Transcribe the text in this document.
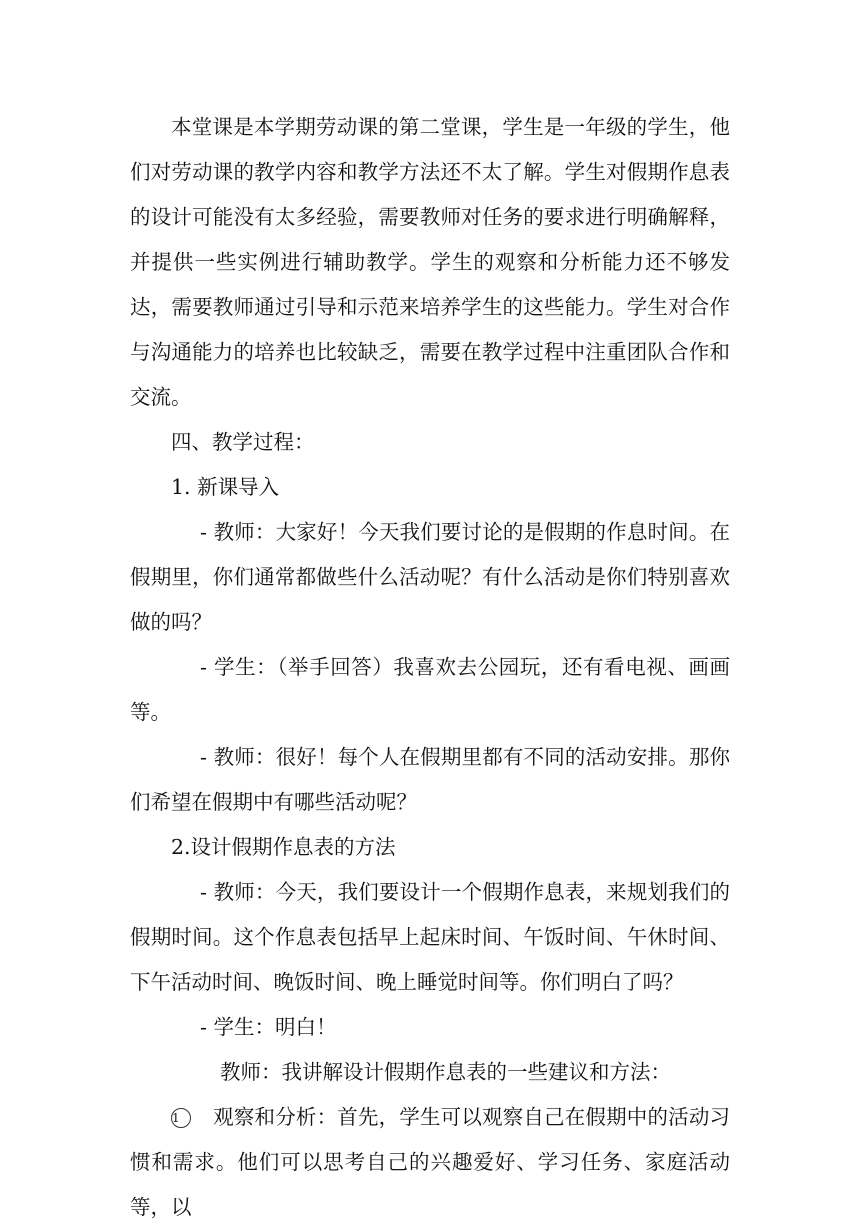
本堂课是本学期劳动课的第二堂课，学生是一年级的学生，他们对劳动课的教学内容和教学方法还不太了解。学生对假期作息表的设计可能没有太多经验，需要教师对任务的要求进行明确解释，并提供一些实例进行辅助教学。学生的观察和分析能力还不够发达，需要教师通过引导和示范来培养学生的这些能力。学生对合作与沟通能力的培养也比较缺乏，需要在教学过程中注重团队合作和交流。

四、教学过程：

1. 新课导入

- 教师：大家好！今天我们要讨论的是假期的作息时间。在假期里，你们通常都做些什么活动呢？有什么活动是你们特别喜欢做的吗？

- 学生：（举手回答）我喜欢去公园玩，还有看电视、画画等。

- 教师：很好！每个人在假期里都有不同的活动安排。那你们希望在假期中有哪些活动呢？

2.设计假期作息表的方法

- 教师：今天，我们要设计一个假期作息表，来规划我们的假期时间。这个作息表包括早上起床时间、午饭时间、午休时间、下午活动时间、晚饭时间、晚上睡觉时间等。你们明白了吗？

- 学生：明白！

教师：我讲解设计假期作息表的一些建议和方法：

1 观察和分析：首先，学生可以观察自己在假期中的活动习惯和需求。他们可以思考自己的兴趣爱好、学习任务、家庭活动等，以
